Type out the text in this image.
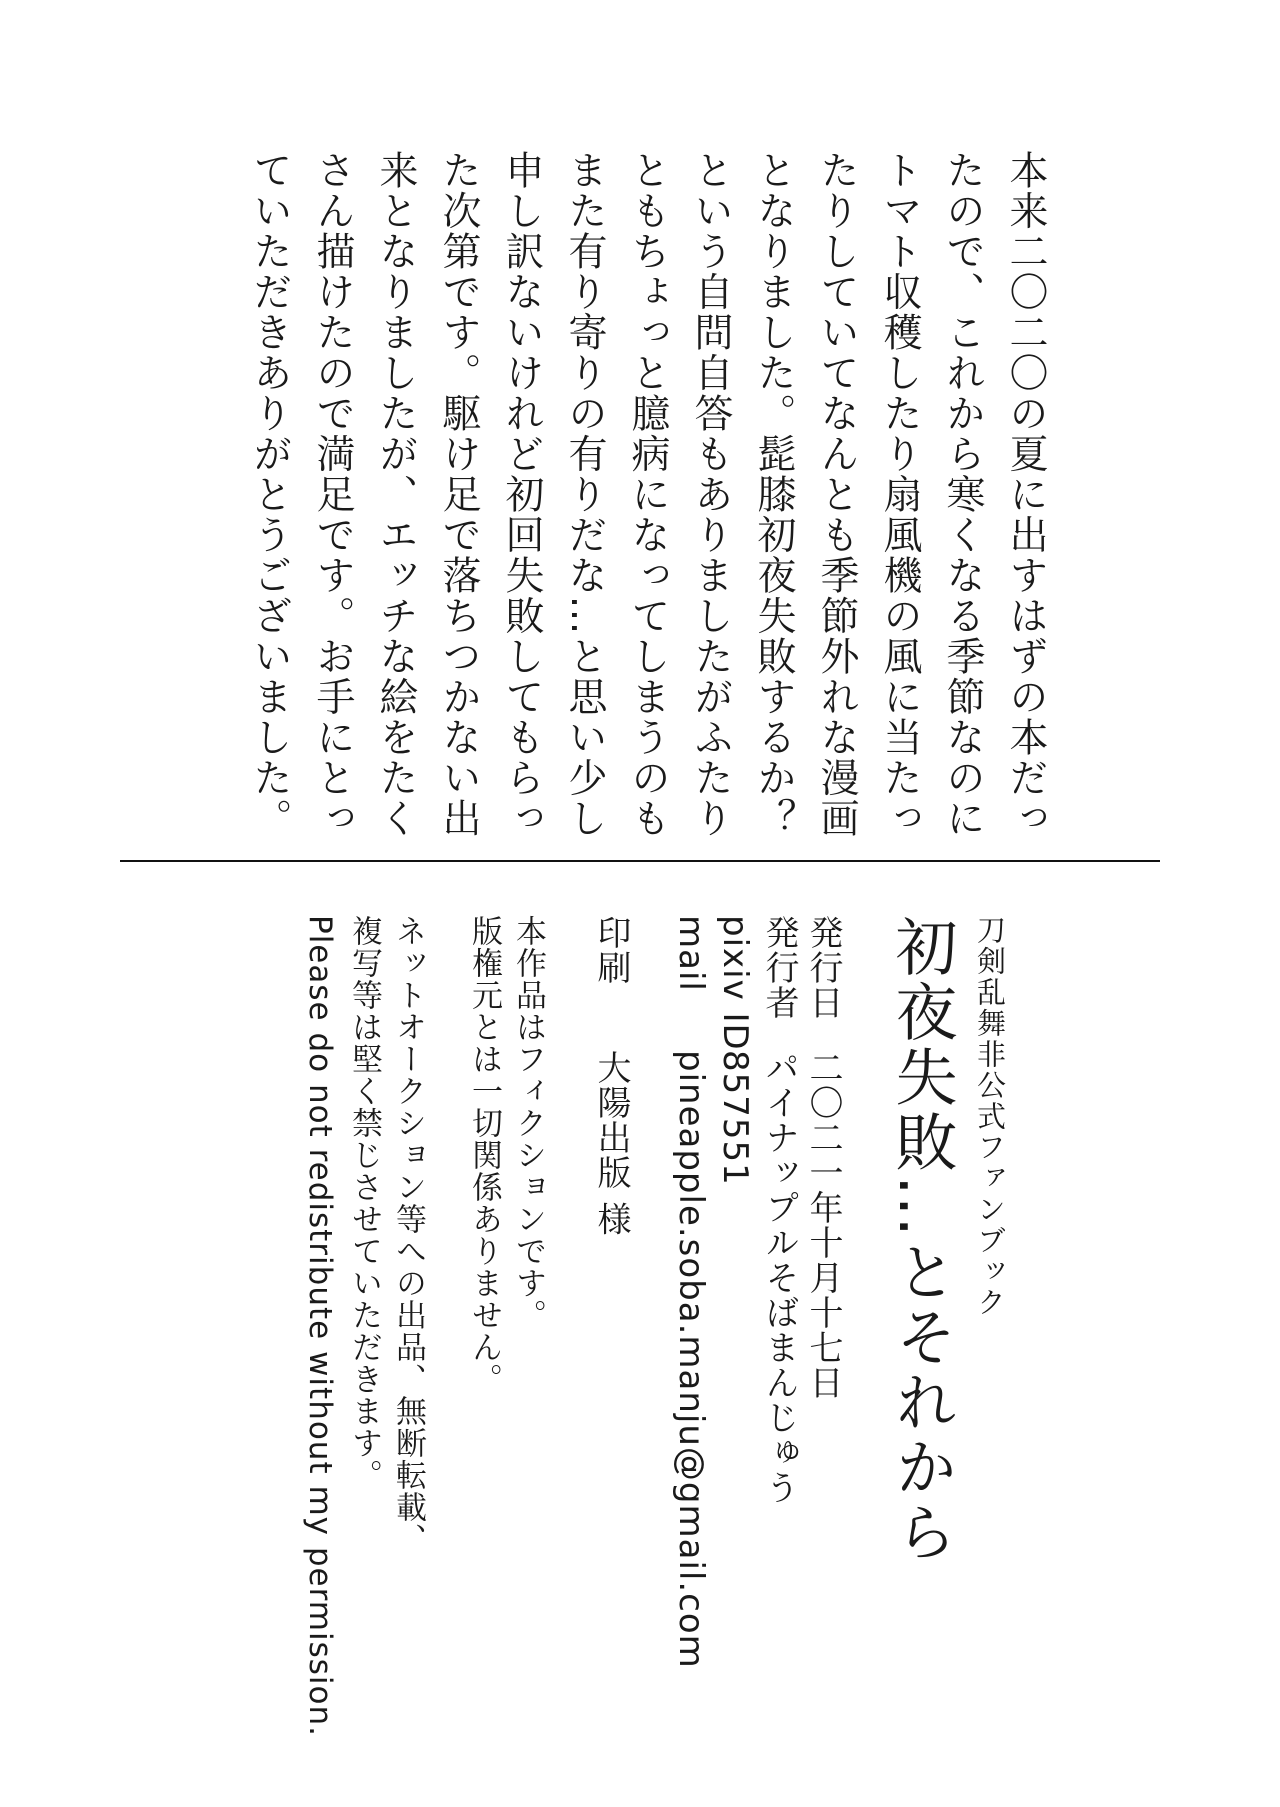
本来二〇二〇の夏に出すはずの本だっ
たので、これから寒くなる季節なのに
トマト収穫したり扇風機の風に当たっ
たりしていてなんとも季節外れな漫画
となりました。髭膝初夜失敗するか？
という自問自答もありましたがふたり
ともちょっと臆病になってしまうのも
また有り寄りの有りだな…と思い少し
申し訳ないけれど初回失敗してもらっ
た次第です。駆け足で落ちつかない出
来となりましたが、エッチな絵をたく
さん描けたので満足です。お手にとっ
ていただきありがとうございました。
刀剣乱舞非公式ファンブック
初夜失敗…とそれから
発行日
二〇二一年十月十七日
発行者
パイナップルそばまんじゅう
pixiv ID
857551
mail
pineapple.soba.manju@gmail.com
印刷
大陽出版 様
本作品はフィクションです。
版権元とは一切関係ありません。
ネットオークション等への出品、無断転載、
複写等は堅く禁じさせていただきます。
Please do not redistribute without my permission.
